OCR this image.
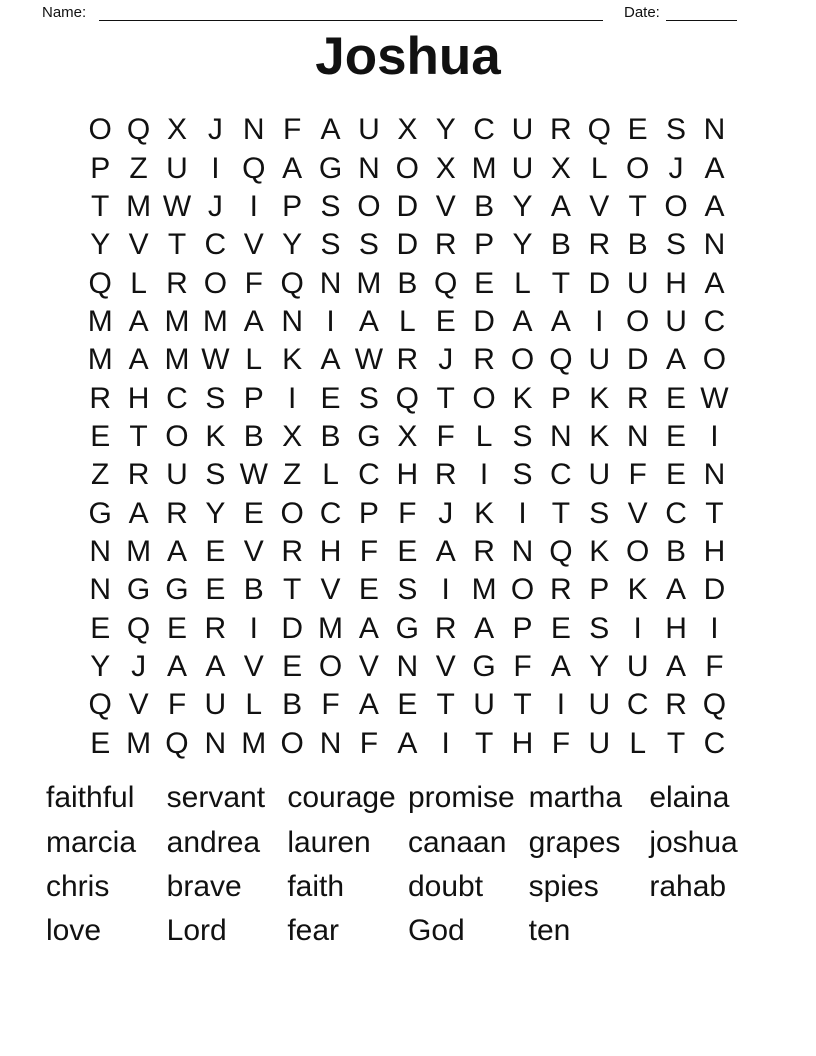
Name:	Date:
Joshua
O Q X J N F A U X Y C U R Q E S N
P Z U I Q A G N O X M U X L O J A
T M W J I P S O D V B Y A V T O A
Y V T C V Y S S D R P Y B R B S N
Q L R O F Q N M B Q E L T D U H A
M A M M A N I A L E D A A I O U C
M A M W L K A W R J R O Q U D A O
R H C S P I E S Q T O K P K R E W
E T O K B X B G X F L S N K N E I
Z R U S W Z L C H R I S C U F E N
G A R Y E O C P F J K I T S V C T
N M A E V R H F E A R N Q K O B H
N G G E B T V E S I M O R P K A D
E Q E R I D M A G R A P E S I H I
Y J A A V E O V N V G F A Y U A F
Q V F U L B F A E T U T I U C R Q
E M Q N M O N F A I T H F U L T C
faithful	servant courage promise martha elaina
marcia	andrea lauren	canaan grapes joshua
chris	brave	faith	doubt	spies	rahab
love	Lord	fear	God	ten
